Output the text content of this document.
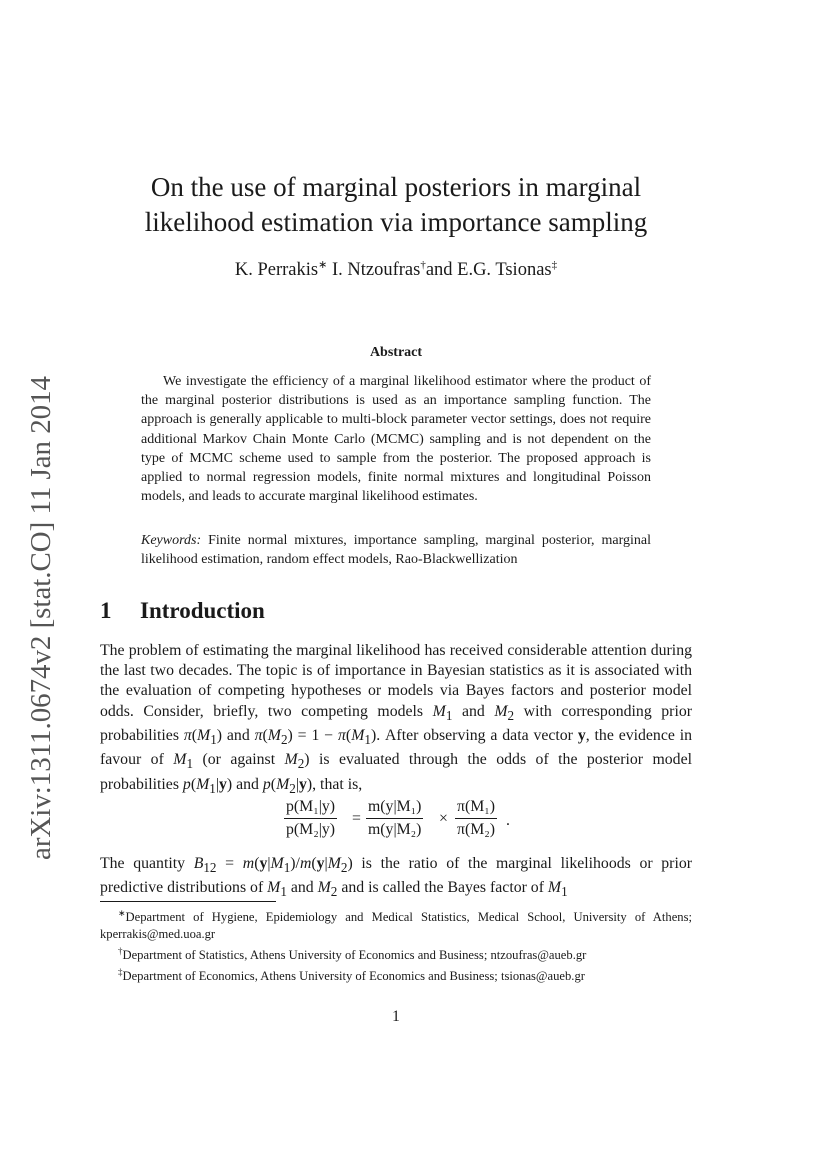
arXiv:1311.0674v2 [stat.CO] 11 Jan 2014
On the use of marginal posteriors in marginal
likelihood estimation via importance sampling
K. Perrakis∗ I. Ntzoufras†and E.G. Tsionas‡
Abstract

We investigate the efficiency of a marginal likelihood estimator where the product of the marginal posterior distributions is used as an importance sampling function. The approach is generally applicable to multi-block parameter vector settings, does not require additional Markov Chain Monte Carlo (MCMC) sampling and is not dependent on the type of MCMC scheme used to sample from the posterior. The proposed approach is applied to normal regression models, finite normal mixtures and longitudinal Poisson models, and leads to accurate marginal likelihood estimates.

Keywords: Finite normal mixtures, importance sampling, marginal posterior, marginal likelihood estimation, random effect models, Rao-Blackwellization

1 Introduction

The problem of estimating the marginal likelihood has received considerable attention during the last two decades. The topic is of importance in Bayesian statistics as it is associated with the evaluation of competing hypotheses or models via Bayes factors and posterior model odds. Consider, briefly, two competing models $M_1$ and $M_2$ with corresponding prior probabilities $\pi(M_1)$ and $\pi(M_2) = 1 - \pi(M_1)$. After observing a data vector y, the evidence in favour of $M_1$ (or against $M_2$) is evaluated through the odds of the posterior model probabilities $p(M_1|y)$ and $p(M_2|y)$, that is,

$\frac{\text{p(M₁|y)}}{\text{p(M₂|y)}} = \frac{\text{m(y|M₁)}}{\text{m(y|M₂)}} \times \frac{\text{π(M₁)}}{\text{π(M₂)}}$ .

The quantity $B_{12} = m(y|M_1)/m(y|M_2)$ is the ratio of the marginal likelihoods or prior predictive distributions of $M_1$ and $M_2$ and is called the Bayes factor of $M_1$

∗Department of Hygiene, Epidemiology and Medical Statistics, Medical School, University of Athens; kperrakis@med.uoa.gr

†Department of Statistics, Athens University of Economics and Business; ntzoufras@aueb.gr

‡Department of Economics, Athens University of Economics and Business; tsionas@aueb.gr

1
